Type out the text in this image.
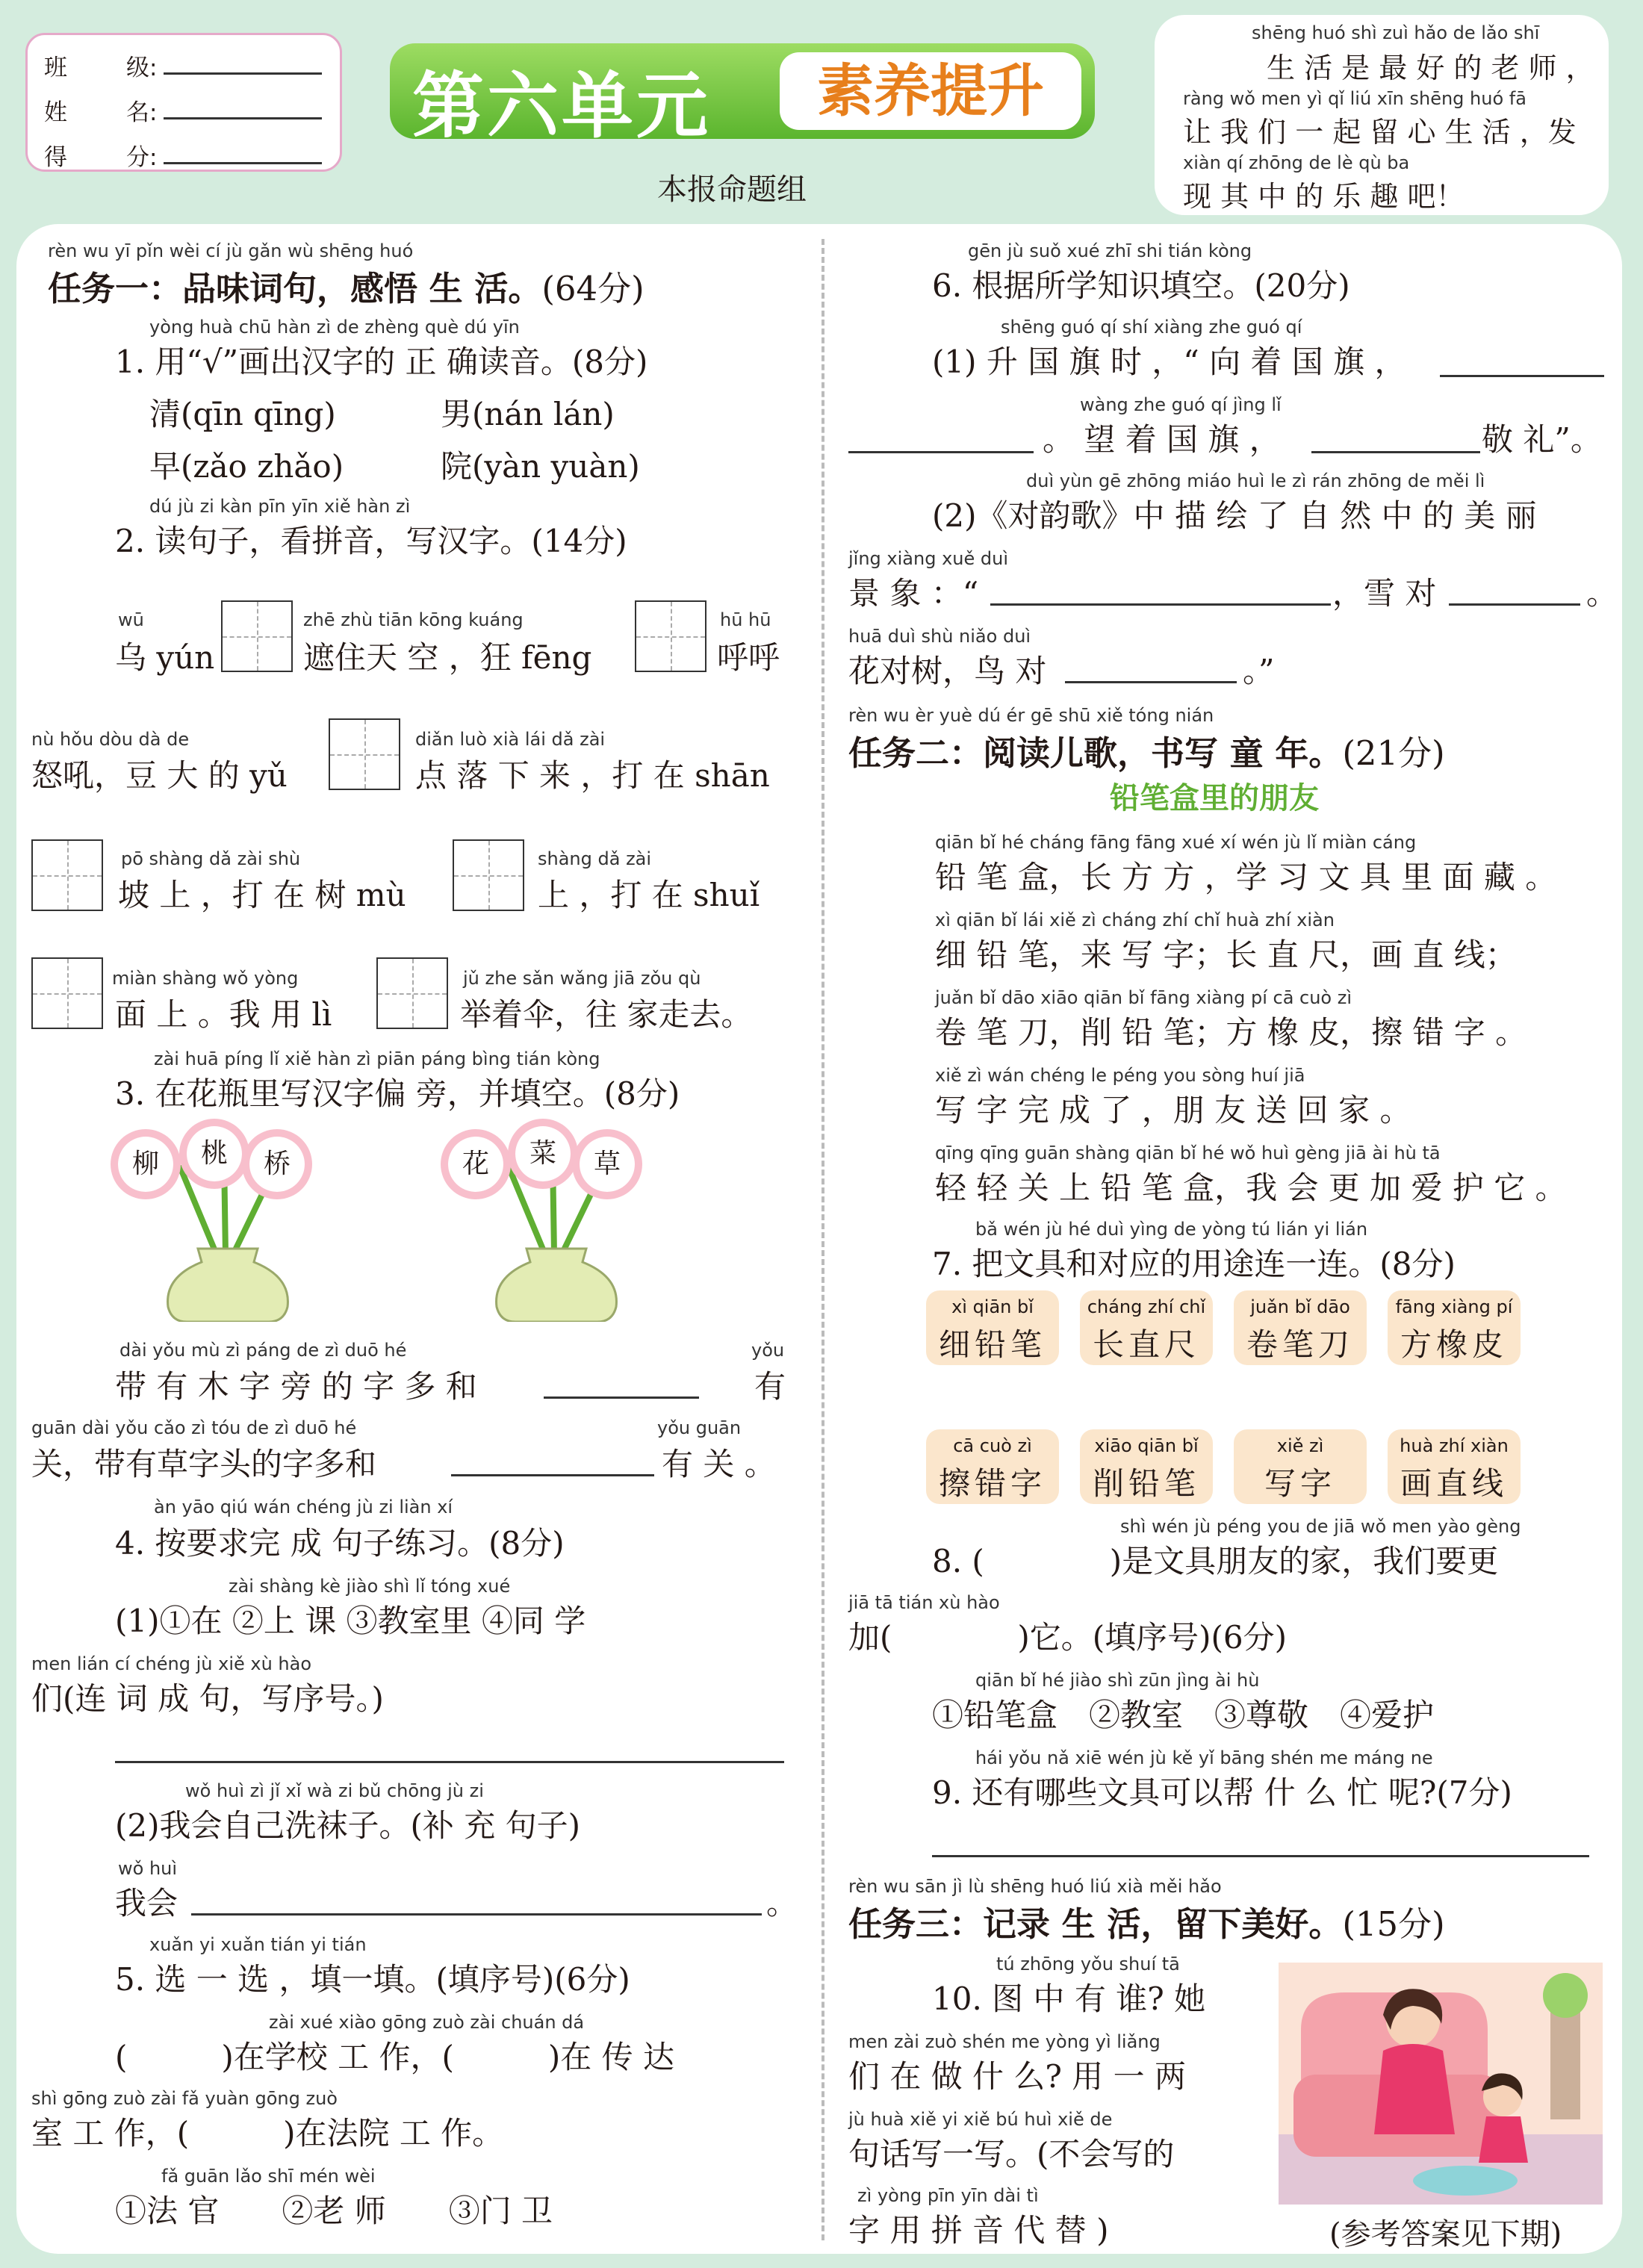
班	级:
姓	名:
得	分:
第六单元	素养提升
本报命题组
shēng huó shì zuì hǎo de lǎo shī
生 活 是 最 好 的 老 师 ，
ràng wǒ men yì qǐ liú xīn shēng huó fā
让 我 们 一 起 留 心 生 活 ，发
xiàn qí zhōng de lè qù ba
现 其 中 的 乐 趣 吧！
rèn wu yī pǐn wèi cí jù gǎn wù shēng huó
任务一：品味词句，感悟 生 活。(64分)
yòng huà chū hàn zì de zhèng què dú yīn
1. 用“√”画出汉字的 正 确读音。(8分)
清(qīn qīng)	男(nán lán)
早(zǎo zhǎo)	院(yàn yuàn)
dú jù zi kàn pīn yīn xiě hàn zì
2. 读句子，看拼音，写汉字。(14分)
wū
乌 yún
zhē zhù tiān kōng kuáng
遮住天 空 ，狂 fēng
hū hū
呼呼
nù hǒu dòu dà de
怒吼，豆 大 的 yǔ
diǎn luò xià lái dǎ zài
点 落 下 来 ，打 在 shān
pō shàng dǎ zài shù
坡 上 ，打 在 树 mù
shàng dǎ zài
上 ，打 在 shuǐ
miàn shàng wǒ yòng
面 上 。我 用 lì
jǔ zhe sǎn wǎng jiā zǒu qù
举着伞，往 家走去。
zài huā píng lǐ xiě hàn zì piān páng bìng tián kòng
3. 在花瓶里写汉字偏 旁，并填空。(8分)
柳	桃	桥	花	菜	草
dài yǒu mù zì páng de zì duō hé
带 有 木 字 旁 的 字 多 和
yǒu
有
guān dài yǒu cǎo zì tóu de zì duō hé
关，带有草字头的字多和
yǒu guān
有 关 。
àn yāo qiú wán chéng jù zi liàn xí
4. 按要求完 成 句子练习。(8分)
zài shàng kè jiào shì lǐ tóng xué
(1)①在 ②上 课 ③教室里 ④同 学
men lián cí chéng jù xiě xù hào
们(连 词 成 句，写序号。)
wǒ huì zì jǐ xǐ wà zi bǔ chōng jù zi
(2)我会自己洗袜子。(补 充 句子)
wǒ huì
我会	。
xuǎn yi xuǎn tián yi tián
5. 选 一 选 ，填一填。(填序号)(6分)
zài xué xiào gōng zuò zài chuán dá
(　　　)在学校 工 作，(　　　)在 传 达
shì gōng zuò zài fǎ yuàn gōng zuò
室 工 作，(　　　)在法院 工 作。
fǎ guān lǎo shī mén wèi
①法 官　　②老 师　　③门 卫
gēn jù suǒ xué zhī shi tián kòng
6. 根据所学知识填空。(20分)
shēng guó qí shí xiàng zhe guó qí
(1) 升 国 旗 时 ，“ 向 着 国 旗 ，
wàng zhe guó qí jìng lǐ
。 望 着 国 旗 ，	敬 礼”。
duì yùn gē zhōng miáo huì le zì rán zhōng de měi lì
(2)《对韵歌》中 描 绘 了 自 然 中 的 美 丽
jǐng xiàng xuě duì
景 象 ：“	，雪 对	。
huā duì shù niǎo duì
花对树，鸟 对	。”
rèn wu èr yuè dú ér gē shū xiě tóng nián
任务二：阅读儿歌，书写 童 年。(21分)
铅笔盒里的朋友
qiān bǐ hé cháng fāng fāng xué xí wén jù lǐ miàn cáng
铅 笔 盒，长 方 方 ，学 习 文 具 里 面 藏 。
xì qiān bǐ lái xiě zì cháng zhí chǐ huà zhí xiàn
细 铅 笔，来 写 字；长 直 尺，画 直 线；
juǎn bǐ dāo xiāo qiān bǐ fāng xiàng pí cā cuò zì
卷 笔 刀，削 铅 笔；方 橡 皮，擦 错 字 。
xiě zì wán chéng le péng you sòng huí jiā
写 字 完 成 了 ，朋 友 送 回 家 。
qīng qīng guān shàng qiān bǐ hé wǒ huì gèng jiā ài hù tā
轻 轻 关 上 铅 笔 盒，我 会 更 加 爱 护 它 。
bǎ wén jù hé duì yìng de yòng tú lián yi lián
7. 把文具和对应的用途连一连。(8分)
xì qiān bǐ
细铅笔
cháng zhí chǐ
长直尺
juǎn bǐ dāo
卷笔刀
fāng xiàng pí
方橡皮
cā cuò zì
擦错字
xiāo qiān bǐ
削铅笔
xiě zì
写字
huà zhí xiàn
画直线
shì wén jù péng you de jiā wǒ men yào gèng
8. (　　　　)是文具朋友的家，我们要更
jiā tā tián xù hào
加(　　　　)它。(填序号)(6分)
qiān bǐ hé jiào shì zūn jìng ài hù
①铅笔盒　②教室　③尊敬　④爱护
hái yǒu nǎ xiē wén jù kě yǐ bāng shén me máng ne
9. 还有哪些文具可以帮 什 么 忙 呢?(7分)
rèn wu sān jì lù shēng huó liú xià měi hǎo
任务三：记录 生 活，留下美好。(15分)
tú zhōng yǒu shuí tā
10. 图 中 有 谁? 她
men zài zuò shén me yòng yì liǎng
们 在 做 什 么? 用 一 两
jù huà xiě yi xiě bú huì xiě de
句话写一写。(不会写的
zì yòng pīn yīn dài tì
字 用 拼 音 代 替 )	(参考答案见下期)
